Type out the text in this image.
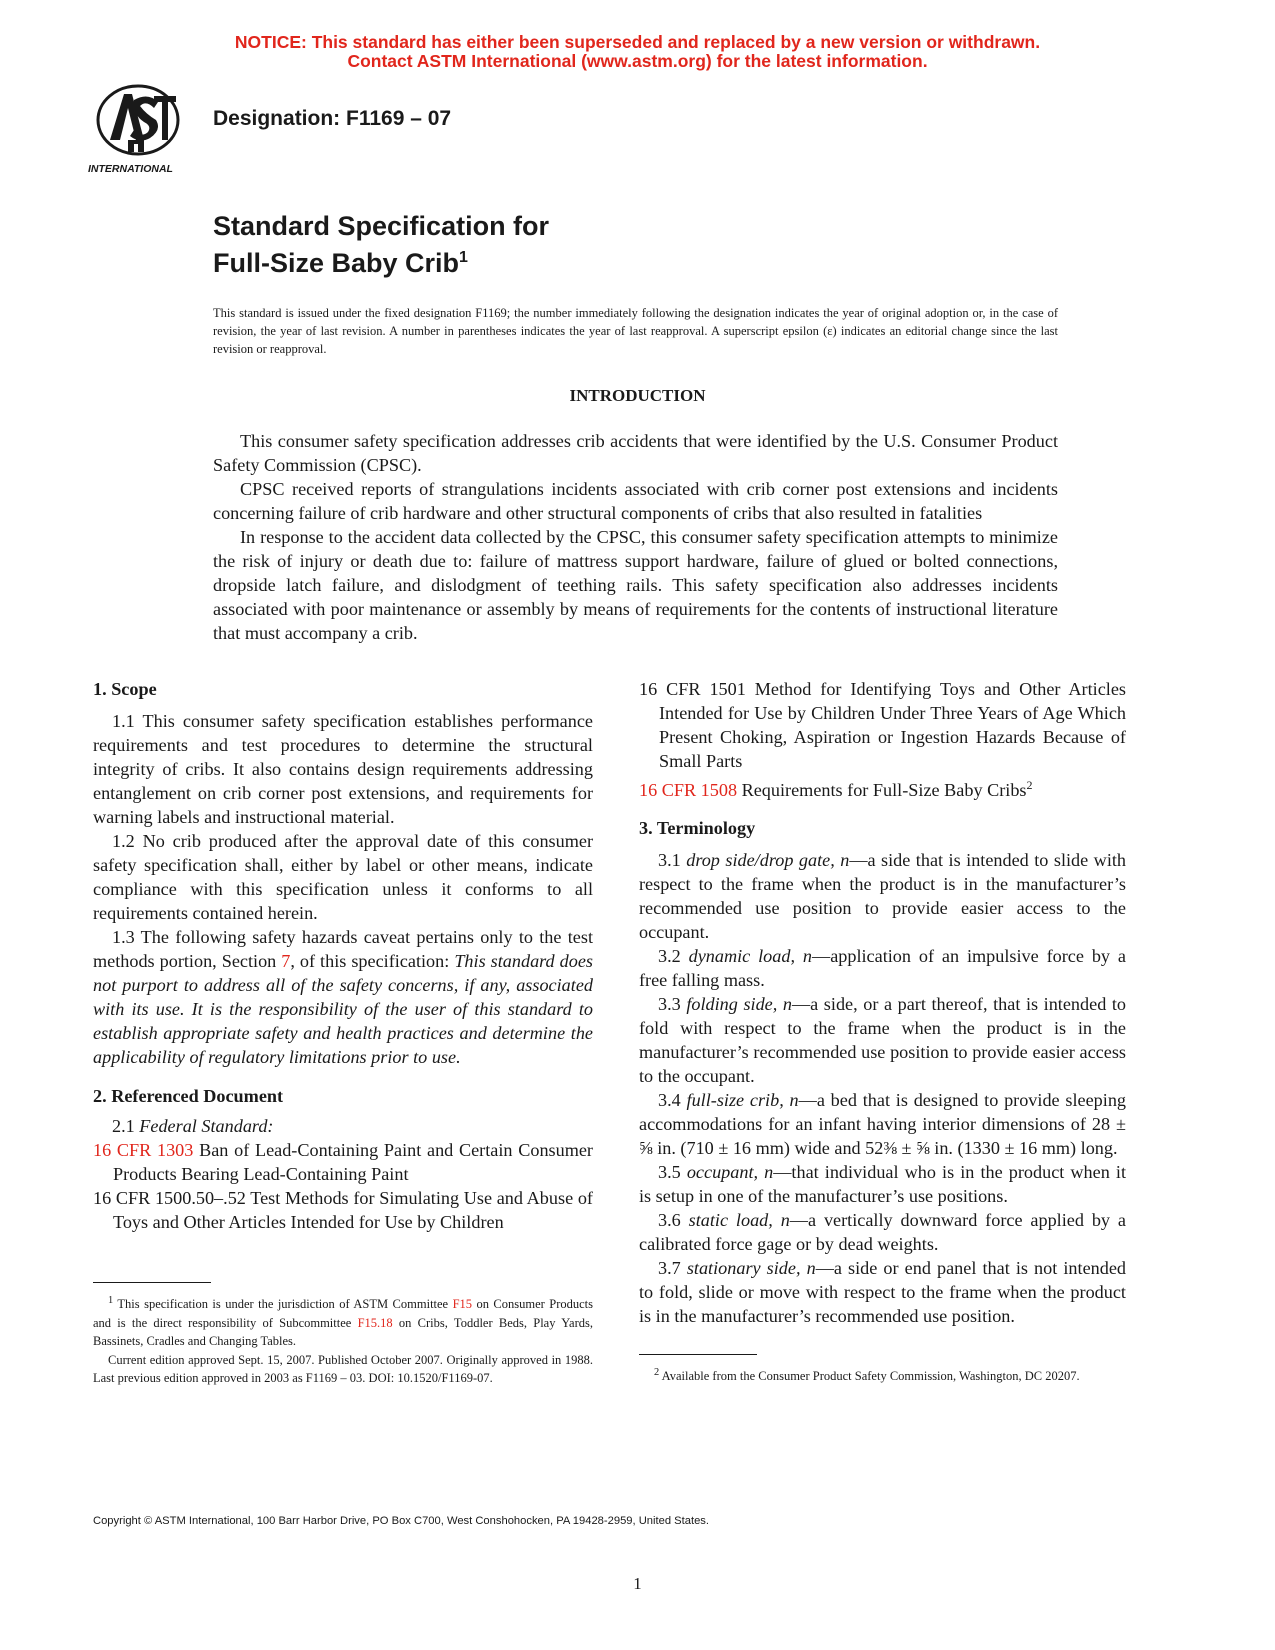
NOTICE: This standard has either been superseded and replaced by a new version or withdrawn.
Contact ASTM International (www.astm.org) for the latest information.
INTERNATIONAL
Designation: F1169 – 07
Standard Specification for
Full-Size Baby Crib$^1$
This standard is issued under the fixed designation F1169; the number immediately following the designation indicates the year of original adoption or, in the case of revision, the year of last revision. A number in parentheses indicates the year of last reapproval. A superscript epsilon (ε) indicates an editorial change since the last revision or reapproval.
INTRODUCTION

This consumer safety specification addresses crib accidents that were identified by the U.S. Consumer Product Safety Commission (CPSC).

CPSC received reports of strangulations incidents associated with crib corner post extensions and incidents concerning failure of crib hardware and other structural components of cribs that also resulted in fatalities

In response to the accident data collected by the CPSC, this consumer safety specification attempts to minimize the risk of injury or death due to: failure of mattress support hardware, failure of glued or bolted connections, dropside latch failure, and dislodgment of teething rails. This safety specification also addresses incidents associated with poor maintenance or assembly by means of requirements for the contents of instructional literature that must accompany a crib.

1. Scope

1.1 This consumer safety specification establishes performance requirements and test procedures to determine the structural integrity of cribs. It also contains design requirements addressing entanglement on crib corner post extensions, and requirements for warning labels and instructional material.

1.2 No crib produced after the approval date of this consumer safety specification shall, either by label or other means, indicate compliance with this specification unless it conforms to all requirements contained herein.

1.3 The following safety hazards caveat pertains only to the test methods portion, Section 7, of this specification: This standard does not purport to address all of the safety concerns, if any, associated with its use. It is the responsibility of the user of this standard to establish appropriate safety and health practices and determine the applicability of regulatory limitations prior to use.

2. Referenced Document

2.1 Federal Standard:

16 CFR 1303 Ban of Lead-Containing Paint and Certain Consumer Products Bearing Lead-Containing Paint

16 CFR 1500.50–.52 Test Methods for Simulating Use and Abuse of Toys and Other Articles Intended for Use by Children

16 CFR 1501 Method for Identifying Toys and Other Articles Intended for Use by Children Under Three Years of Age Which Present Choking, Aspiration or Ingestion Hazards Because of Small Parts

16 CFR 1508 Requirements for Full-Size Baby Cribs$^2$

3. Terminology

3.1 drop side/drop gate, n—a side that is intended to slide with respect to the frame when the product is in the manufacturer’s recommended use position to provide easier access to the occupant.

3.2 dynamic load, n—application of an impulsive force by a free falling mass.

3.3 folding side, n—a side, or a part thereof, that is intended to fold with respect to the frame when the product is in the manufacturer’s recommended use position to provide easier access to the occupant.

3.4 full-size crib, n—a bed that is designed to provide sleeping accommodations for an infant having interior dimensions of 28 ± ⅝ in. (710 ± 16 mm) wide and 52⅜ ± ⅝ in. (1330 ± 16 mm) long.

3.5 occupant, n—that individual who is in the product when it is setup in one of the manufacturer’s use positions.

3.6 static load, n—a vertically downward force applied by a calibrated force gage or by dead weights.

3.7 stationary side, n—a side or end panel that is not intended to fold, slide or move with respect to the frame when the product is in the manufacturer’s recommended use position.

$^1$ This specification is under the jurisdiction of ASTM Committee F15 on Consumer Products and is the direct responsibility of Subcommittee F15.18 on Cribs, Toddler Beds, Play Yards, Bassinets, Cradles and Changing Tables.

Current edition approved Sept. 15, 2007. Published October 2007. Originally approved in 1988. Last previous edition approved in 2003 as F1169 – 03. DOI: 10.1520/F1169-07.	$^2$ Available from the Consumer Product Safety Commission, Washington, DC 20207.

Copyright © ASTM International, 100 Barr Harbor Drive, PO Box C700, West Conshohocken, PA 19428-2959, United States.
1
